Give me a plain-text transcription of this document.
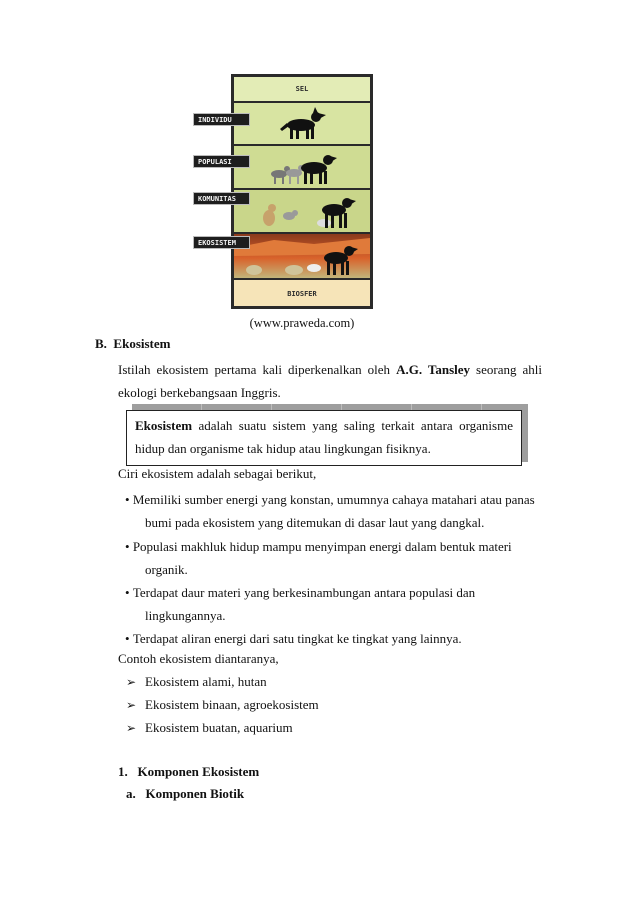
SEL
BIOSFER
INDIVIDU
POPULASI
KOMUNITAS
EKOSISTEM
(www.praweda.com)
B.  Ekosistem
Istilah ekosistem pertama kali diperkenalkan oleh A.G. Tansley seorang ahli ekologi berkebangsaan Inggris.
Ekosistem adalah suatu sistem yang saling terkait antara organisme hidup dan organisme tak hidup atau lingkungan fisiknya.
Ciri ekosistem adalah sebagai berikut,
• Memiliki sumber energi yang konstan, umumnya cahaya matahari atau panas
bumi pada ekosistem yang ditemukan di dasar laut yang dangkal.
• Populasi makhluk hidup mampu menyimpan energi dalam bentuk materi
organik.
• Terdapat daur materi yang berkesinambungan antara populasi dan
lingkungannya.
• Terdapat aliran energi dari satu tingkat ke tingkat yang lainnya.
Contoh ekosistem diantaranya,
➢ Ekosistem alami, hutan
➢ Ekosistem binaan, agroekosistem
➢ Ekosistem buatan, aquarium
1.   Komponen Ekosistem
a.   Komponen Biotik
